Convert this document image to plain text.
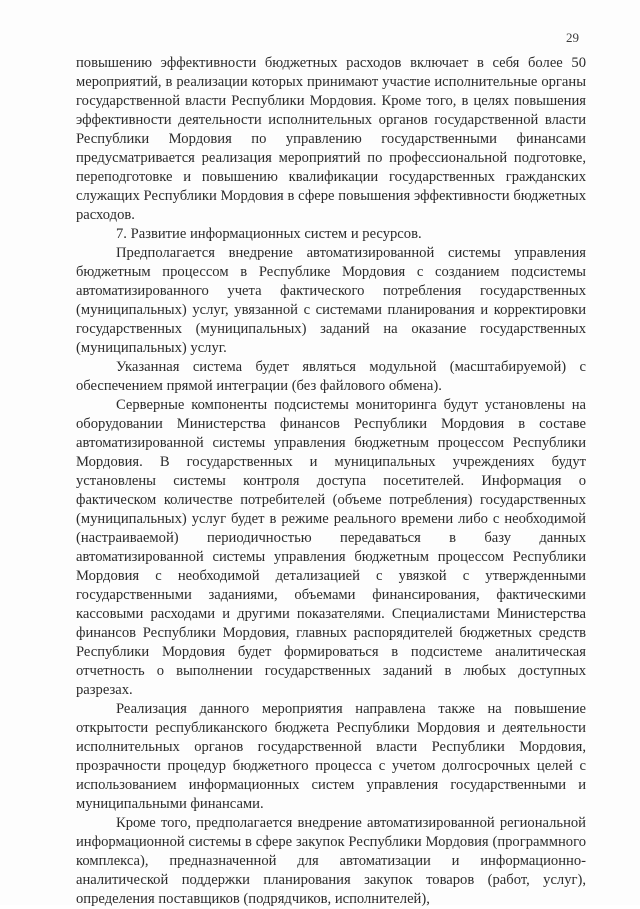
29

повышению эффективности бюджетных расходов включает в себя более 50 мероприятий, в реализации которых принимают участие исполнительные органы государственной власти Республики Мордовия. Кроме того, в целях повышения эффективности деятельности исполнительных органов государственной власти Республики Мордовия по управлению государственными финансами предусматривается реализация мероприятий по профессиональной подготовке, переподготовке и повышению квалификации государственных гражданских служащих Республики Мордовия в сфере повышения эффективности бюджетных расходов.

7. Развитие информационных систем и ресурсов.

Предполагается внедрение автоматизированной системы управления бюджетным процессом в Республике Мордовия с созданием подсистемы автоматизированного учета фактического потребления государственных (муниципальных) услуг, увязанной с системами планирования и корректировки государственных (муниципальных) заданий на оказание государственных (муниципальных) услуг.

Указанная система будет являться модульной (масштабируемой) с обеспечением прямой интеграции (без файлового обмена).

Серверные компоненты подсистемы мониторинга будут установлены на оборудовании Министерства финансов Республики Мордовия в составе автоматизированной системы управления бюджетным процессом Республики Мордовия. В государственных и муниципальных учреждениях будут установлены системы контроля доступа посетителей. Информация о фактическом количестве потребителей (объеме потребления) государственных (муниципальных) услуг будет в режиме реального времени либо с необходимой (настраиваемой) периодичностью передаваться в базу данных автоматизированной системы управления бюджетным процессом Республики Мордовия с необходимой детализацией с увязкой с утвержденными государственными заданиями, объемами финансирования, фактическими кассовыми расходами и другими показателями. Специалистами Министерства финансов Республики Мордовия, главных распорядителей бюджетных средств Республики Мордовия будет формироваться в подсистеме аналитическая отчетность о выполнении государственных заданий в любых доступных разрезах.

Реализация данного мероприятия направлена также на повышение открытости республиканского бюджета Республики Мордовия и деятельности исполнительных органов государственной власти Республики Мордовия, прозрачности процедур бюджетного процесса с учетом долгосрочных целей с использованием информационных систем управления государственными и муниципальными финансами.

Кроме того, предполагается внедрение автоматизированной региональной информационной системы в сфере закупок Республики Мордовия (программного комплекса), предназначенной для автоматизации и информационно-аналитической поддержки планирования закупок товаров (работ, услуг), определения поставщиков (подрядчиков, исполнителей),
